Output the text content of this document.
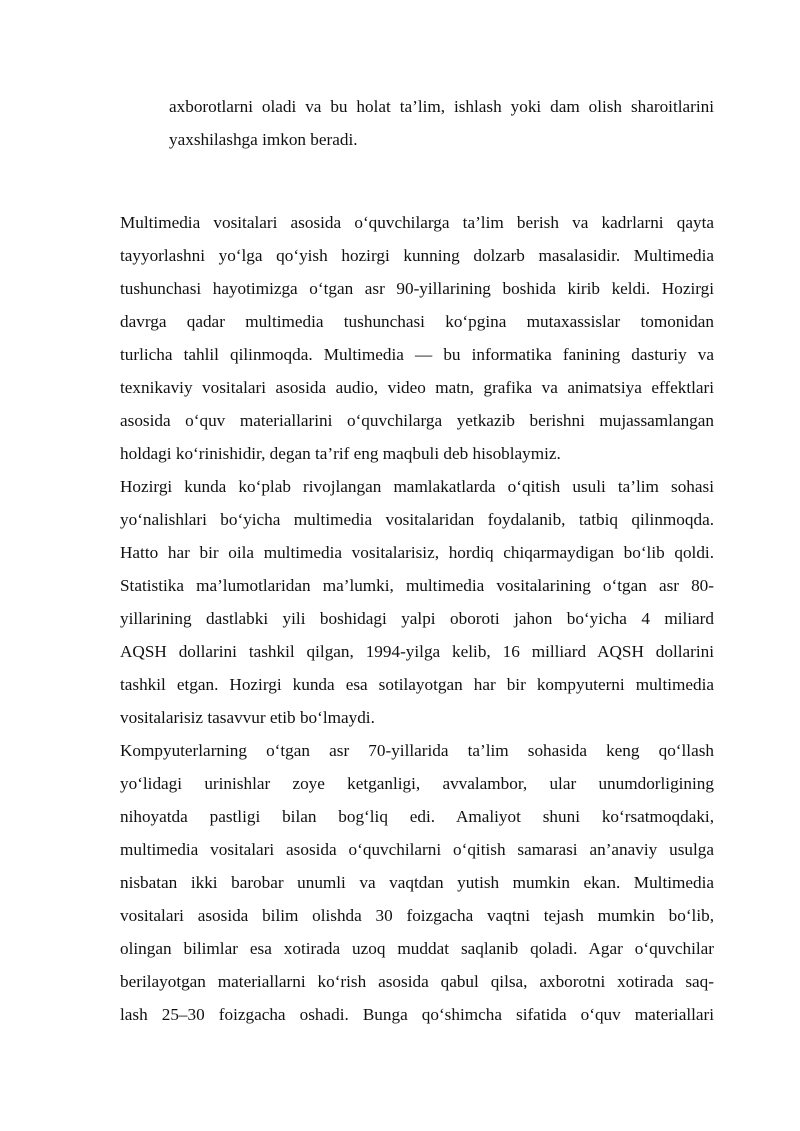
axborotlarni oladi va bu holat ta’lim, ishlash yoki dam olish sharoitlarini

yaxshilashga imkon beradi.

Multimedia vositalari asosida o‘quvchilarga ta’lim berish va kadrlarni qayta

tayyorlashni yo‘lga qo‘yish hozirgi kunning dolzarb masalasidir. Multimedia

tushunchasi hayotimizga o‘tgan asr 90-yillarining boshida kirib keldi. Hozirgi

davrga qadar multimedia tushunchasi ko‘pgina mutaxassislar tomonidan

turlicha tahlil qilinmoqda. Multimedia — bu informatika fanining dasturiy va

texnikaviy vositalari asosida audio, video matn, grafika va animatsiya effektlari

asosida o‘quv materiallarini o‘quvchilarga yetkazib berishni mujassamlangan

holdagi ko‘rinishidir, degan ta’rif eng maqbuli deb hisoblaymiz.

Hozirgi kunda ko‘plab rivojlangan mamlakatlarda o‘qitish usuli ta’lim sohasi

yo‘nalishlari bo‘yicha multimedia vositalaridan foydalanib, tatbiq qilinmoqda.

Hatto har bir oila multimedia vositalarisiz, hordiq chiqarmaydigan bo‘lib qoldi.

Statistika ma’lumotlaridan ma’lumki, multimedia vositalarining o‘tgan asr 80-

yillarining dastlabki yili boshidagi yalpi oboroti jahon bo‘yicha 4 miliard

AQSH dollarini tashkil qilgan, 1994-yilga kelib, 16 milliard AQSH dollarini

tashkil etgan. Hozirgi kunda esa sotilayotgan har bir kompyuterni multimedia

vositalarisiz tasavvur etib bo‘lmaydi.

Kompyuterlarning o‘tgan asr 70-yillarida ta’lim sohasida keng qo‘llash

yo‘lidagi urinishlar zoye ketganligi, avvalambor, ular unumdorligining

nihoyatda pastligi bilan bog‘liq edi. Amaliyot shuni ko‘rsatmoqdaki,

multimedia vositalari asosida o‘quvchilarni o‘qitish samarasi an’anaviy usulga

nisbatan ikki barobar unumli va vaqtdan yutish mumkin ekan. Multimedia

vositalari asosida bilim olishda 30 foizgacha vaqtni tejash mumkin bo‘lib,

olingan bilimlar esa xotirada uzoq muddat saqlanib qoladi. Agar o‘quvchilar

berilayotgan materiallarni ko‘rish asosida qabul qilsa, axborotni xotirada saq-

lash 25–30 foizgacha oshadi. Bunga qo‘shimcha sifatida o‘quv materiallari
